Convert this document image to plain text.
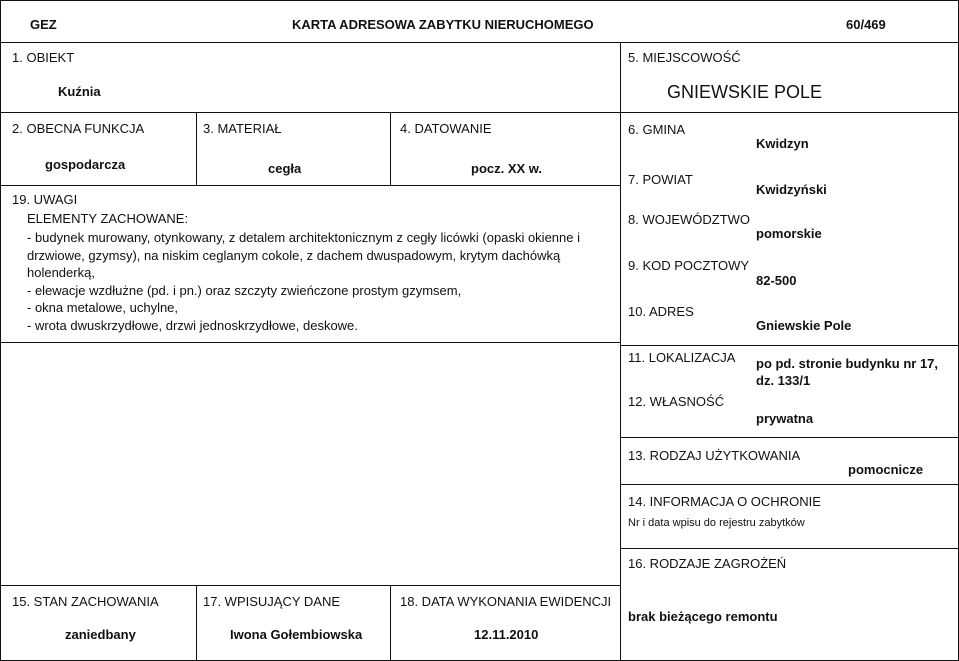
GEZ	KARTA ADRESOWA ZABYTKU NIERUCHOMEGO	60/469
1. OBIEKT
Kuźnia
5. MIEJSCOWOŚĆ
GNIEWSKIE POLE
2. OBECNA FUNKCJA
gospodarcza
3. MATERIAŁ
cegła
4. DATOWANIE
pocz. XX w.
19. UWAGI
ELEMENTY ZACHOWANE:
- budynek murowany, otynkowany, z detalem architektonicznym z cegły licówki (opaski okienne i
drzwiowe, gzymsy), na niskim ceglanym cokole, z dachem dwuspadowym, krytym dachówką
holenderką,
- elewacje wzdłużne (pd. i pn.) oraz szczyty zwieńczone prostym gzymsem,
- okna metalowe, uchylne,
- wrota dwuskrzydłowe, drzwi jednoskrzydłowe, deskowe.
6. GMINA
Kwidzyn
7. POWIAT
Kwidzyński
8. WOJEWÓDZTWO
pomorskie
9. KOD POCZTOWY
82-500
10. ADRES
Gniewskie Pole
11. LOKALIZACJA po pd. stronie budynku nr 17, dz. 133/1
12. WŁASNOŚĆ
prywatna
13. RODZAJ UŻYTKOWANIA
pomocnicze
14. INFORMACJA O OCHRONIE
Nr i data wpisu do rejestru zabytków
16. RODZAJE ZAGROŻEŃ
brak bieżącego remontu
15. STAN ZACHOWANIA
zaniedbany
17. WPISUJĄCY DANE
Iwona Gołembiowska
18. DATA WYKONANIA EWIDENCJI
12.11.2010
